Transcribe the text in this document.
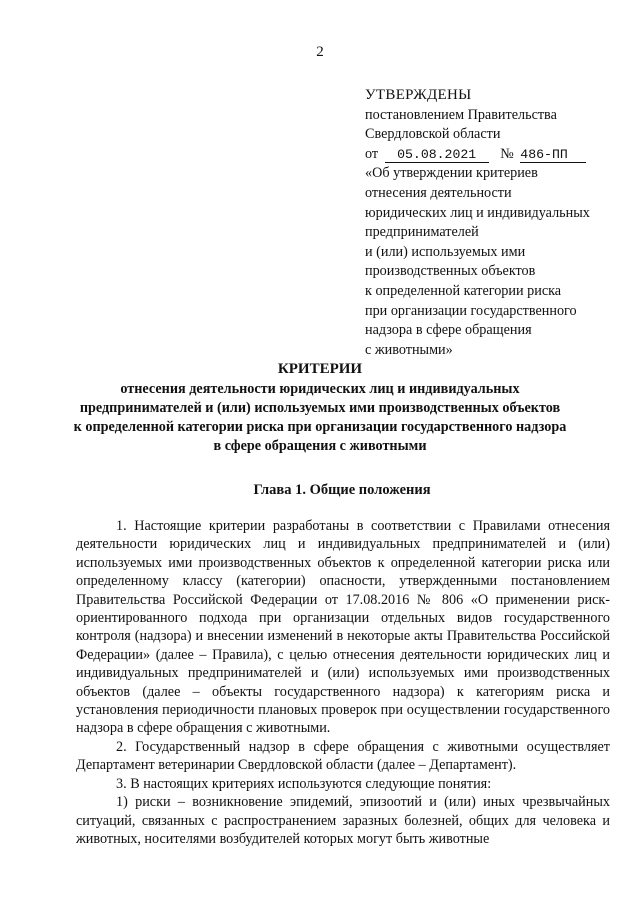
2
УТВЕРЖДЕНЫ
постановлением Правительства
Свердловской области
от 05.08.2021 № 486-ПП
«Об утверждении критериев
отнесения деятельности
юридических лиц и индивидуальных
предпринимателей
и (или) используемых ими
производственных объектов
к определенной категории риска
при организации государственного
надзора в сфере обращения
с животными»
КРИТЕРИИ
отнесения деятельности юридических лиц и индивидуальных
предпринимателей и (или) используемых ими производственных объектов
к определенной категории риска при организации государственного надзора
в сфере обращения с животными
Глава 1. Общие положения

1. Настоящие критерии разработаны в соответствии с Правилами отнесения деятельности юридических лиц и индивидуальных предпринимателей и (или) используемых ими производственных объектов к определенной категории риска или определенному классу (категории) опасности, утвержденными постановлением Правительства Российской Федерации от 17.08.2016 № 806 «О применении риск-ориентированного подхода при организации отдельных видов государственного контроля (надзора) и внесении изменений в некоторые акты Правительства Российской Федерации» (далее – Правила), с целью отнесения деятельности юридических лиц и индивидуальных предпринимателей и (или) используемых ими производственных объектов (далее – объекты государственного надзора) к категориям риска и установления периодичности плановых проверок при осуществлении государственного надзора в сфере обращения с животными.

2. Государственный надзор в сфере обращения с животными осуществляет Департамент ветеринарии Свердловской области (далее – Департамент).

3. В настоящих критериях используются следующие понятия:

1) риски – возникновение эпидемий, эпизоотий и (или) иных чрезвычайных ситуаций, связанных с распространением заразных болезней, общих для человека и животных, носителями возбудителей которых могут быть животные
